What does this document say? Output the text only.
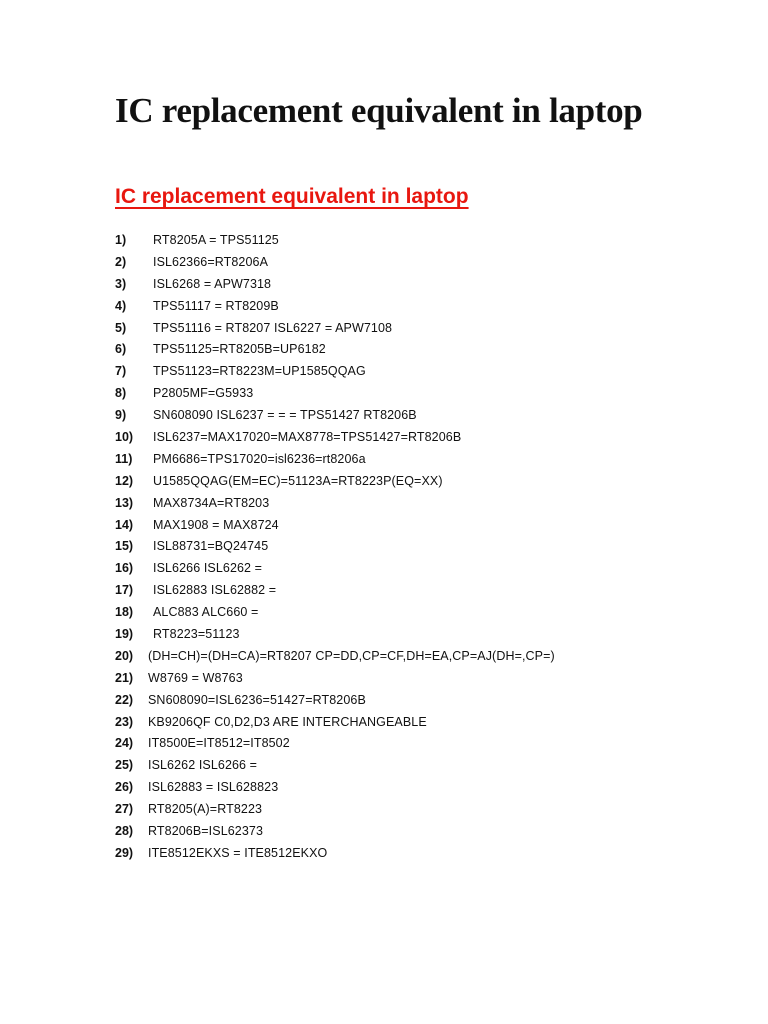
IC replacement equivalent in laptop
IC replacement equivalent in laptop
1) RT8205A = TPS51125
2) ISL62366=RT8206A
3) ISL6268 = APW7318
4) TPS51117 = RT8209B
5) TPS51116 = RT8207 ISL6227 = APW7108
6) TPS51125=RT8205B=UP6182
7) TPS51123=RT8223M=UP1585QQAG
8) P2805MF=G5933
9) SN608090 ISL6237 = = = TPS51427 RT8206B
10) ISL6237=MAX17020=MAX8778=TPS51427=RT8206B
11) PM6686=TPS17020=isl6236=rt8206a
12) U1585QQAG(EM=EC)=51123A=RT8223P(EQ=XX)
13) MAX8734A=RT8203
14) MAX1908 = MAX8724
15) ISL88731=BQ24745
16) ISL6266 ISL6262 =
17) ISL62883 ISL62882 =
18) ALC883 ALC660 =
19) RT8223=51123
20) (DH=CH)=(DH=CA)=RT8207 CP=DD,CP=CF,DH=EA,CP=AJ(DH=,CP=)
21) W8769 = W8763
22) SN608090=ISL6236=51427=RT8206B
23) KB9206QF C0,D2,D3 ARE INTERCHANGEABLE
24) IT8500E=IT8512=IT8502
25) ISL6262 ISL6266 =
26) ISL62883 = ISL628823
27) RT8205(A)=RT8223
28) RT8206B=ISL62373
29) ITE8512EKXS = ITE8512EKXO
